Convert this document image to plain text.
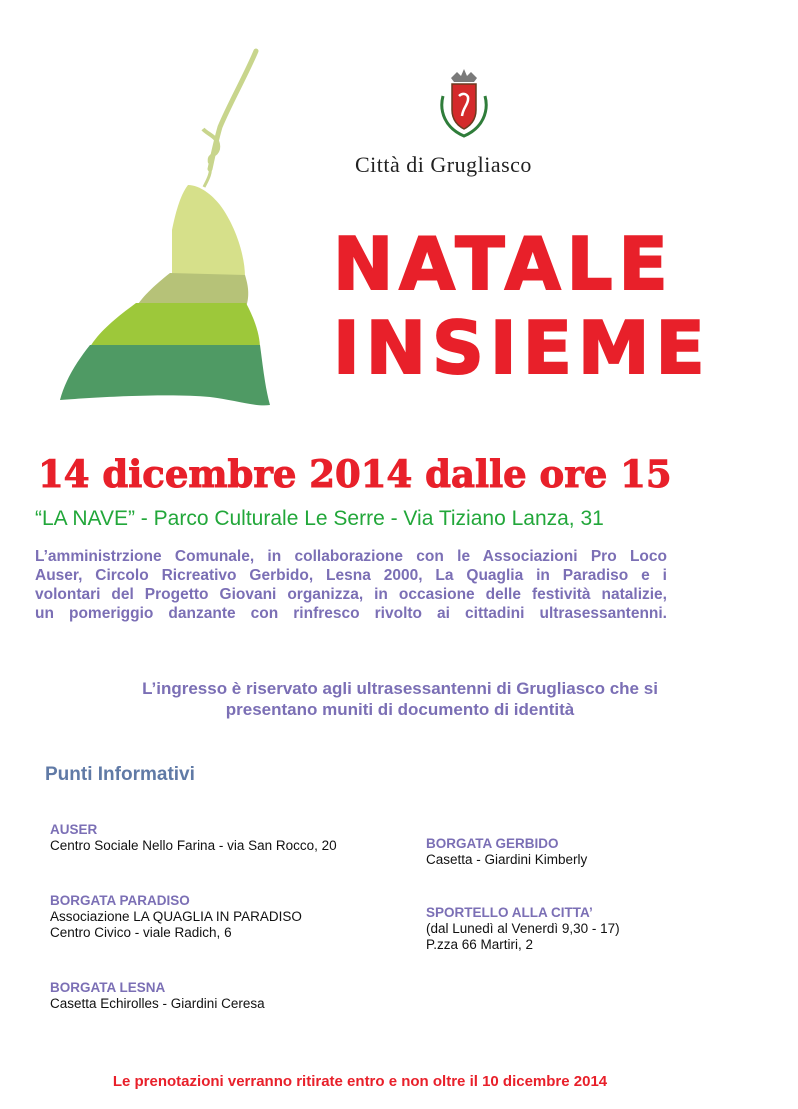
Città di Grugliasco
NATALE
INSIEME
14 dicembre 2014 dalle ore 15
“LA NAVE” - Parco Culturale Le Serre - Via Tiziano Lanza, 31
L’amministrzione Comunale, in collaborazione con le Associazioni Pro Loco
Auser, Circolo Ricreativo Gerbido, Lesna 2000, La Quaglia in Paradiso e i
volontari del Progetto Giovani organizza, in occasione delle festività natalizie,
un pomeriggio danzante con rinfresco rivolto ai cittadini ultrasessantenni.
L’ingresso è riservato agli ultrasessantenni di Grugliasco che si
presentano muniti di documento di identità
Punti Informativi
AUSER
Centro Sociale Nello Farina - via San Rocco, 20
BORGATA PARADISO
Associazione LA QUAGLIA IN PARADISO
Centro Civico - viale Radich, 6
BORGATA LESNA
Casetta Echirolles - Giardini Ceresa
BORGATA GERBIDO
Casetta - Giardini Kimberly
SPORTELLO ALLA CITTA’
(dal Lunedì al Venerdì 9,30 - 17)
P.zza 66 Martiri, 2
Le prenotazioni verranno ritirate entro e non oltre il 10 dicembre 2014
